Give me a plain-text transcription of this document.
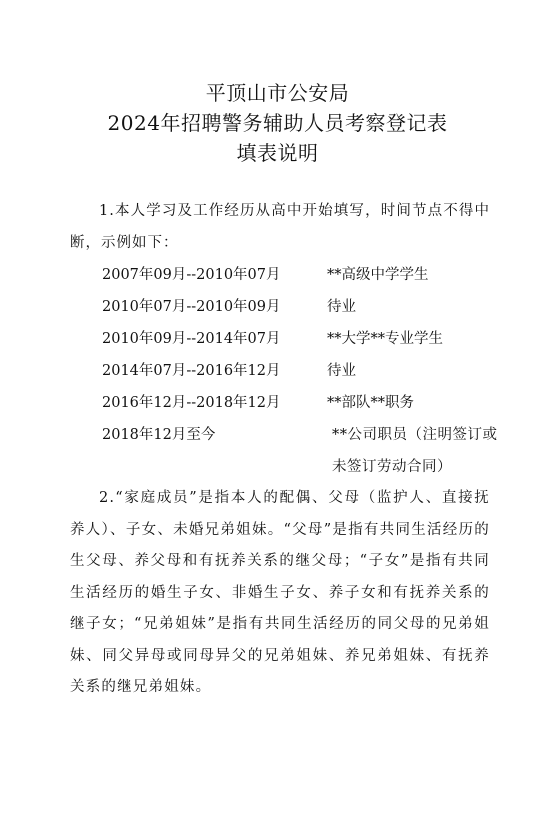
平顶山市公安局
2024年招聘警务辅助人员考察登记表
填表说明

1.本人学习及工作经历从高中开始填写，时间节点不得中断，示例如下：

2007年09月--2010年07月	**高级中学学生
2010年07月--2010年09月	待业
2010年09月--2014年07月	**大学**专业学生
2014年07月--2016年12月	待业
2016年12月--2018年12月	**部队**职务
2018年12月至今	**公司职员（注明签订或未签订劳动合同）

2.“家庭成员”是指本人的配偶、父母（监护人、直接抚养人）、子女、未婚兄弟姐妹。“父母”是指有共同生活经历的生父母、养父母和有抚养关系的继父母；“子女”是指有共同生活经历的婚生子女、非婚生子女、养子女和有抚养关系的继子女；“兄弟姐妹”是指有共同生活经历的同父母的兄弟姐妹、同父异母或同母异父的兄弟姐妹、养兄弟姐妹、有抚养关系的继兄弟姐妹。
